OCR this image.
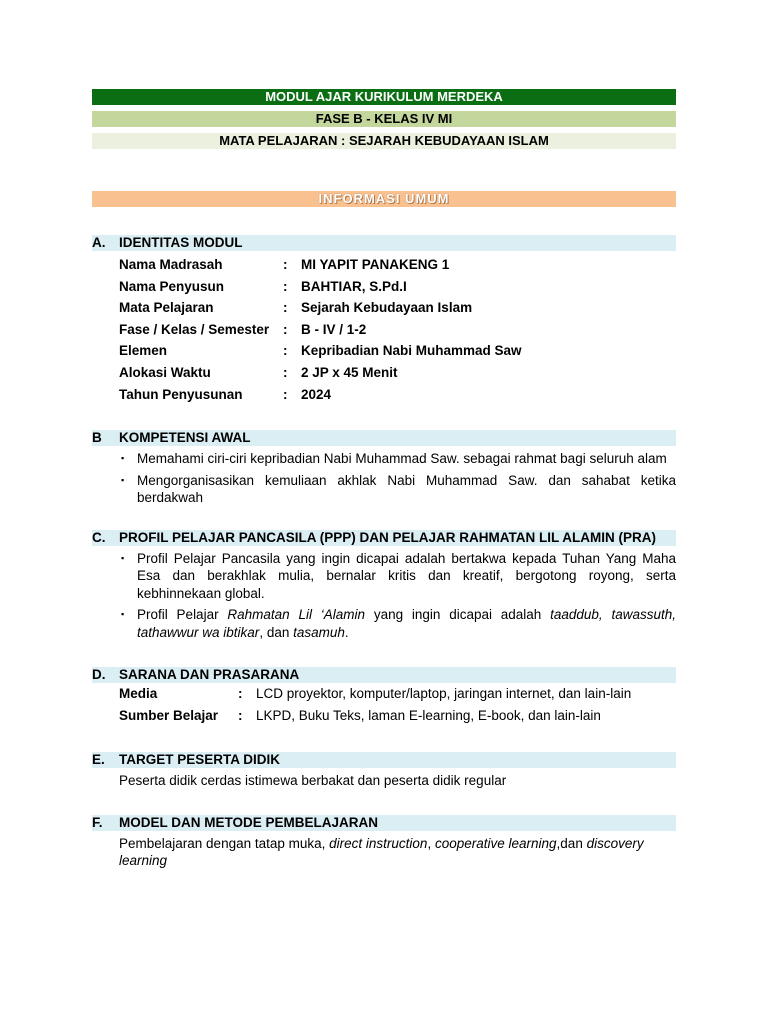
MODUL AJAR KURIKULUM MERDEKA
FASE B - KELAS IV MI
MATA PELAJARAN : SEJARAH KEBUDAYAAN ISLAM
INFORMASI UMUM
A.	IDENTITAS MODUL
Nama Madrasah	:	MI YAPIT PANAKENG 1
Nama Penyusun	:	BAHTIAR, S.Pd.I
Mata Pelajaran	:	Sejarah Kebudayaan Islam
Fase / Kelas / Semester	:	B - IV / 1-2
Elemen	:	Kepribadian Nabi Muhammad Saw
Alokasi Waktu	:	2 JP x 45 Menit
Tahun Penyusunan	:	2024
B	KOMPETENSI AWAL
▪ Memahami ciri-ciri kepribadian Nabi Muhammad Saw. sebagai rahmat bagi seluruh alam
▪ Mengorganisasikan kemuliaan akhlak Nabi Muhammad Saw. dan sahabat ketika berdakwah
C.	PROFIL PELAJAR PANCASILA (PPP) DAN PELAJAR RAHMATAN LIL ALAMIN (PRA)
▪ Profil Pelajar Pancasila yang ingin dicapai adalah bertakwa kepada Tuhan Yang Maha Esa dan berakhlak mulia, bernalar kritis dan kreatif, bergotong royong, serta kebhinnekaan global.
▪ Profil Pelajar Rahmatan Lil ‘Alamin yang ingin dicapai adalah taaddub, tawassuth, tathawwur wa ibtikar, dan tasamuh.
D.	SARANA DAN PRASARANA
Media	:	LCD proyektor, komputer/laptop, jaringan internet, dan lain-lain
Sumber Belajar	:	LKPD, Buku Teks, laman E-learning, E-book, dan lain-lain
E.	TARGET PESERTA DIDIK
Peserta didik cerdas istimewa berbakat dan peserta didik regular
F.	MODEL DAN METODE PEMBELAJARAN
Pembelajaran dengan tatap muka, direct instruction, cooperative learning,dan discovery learning
